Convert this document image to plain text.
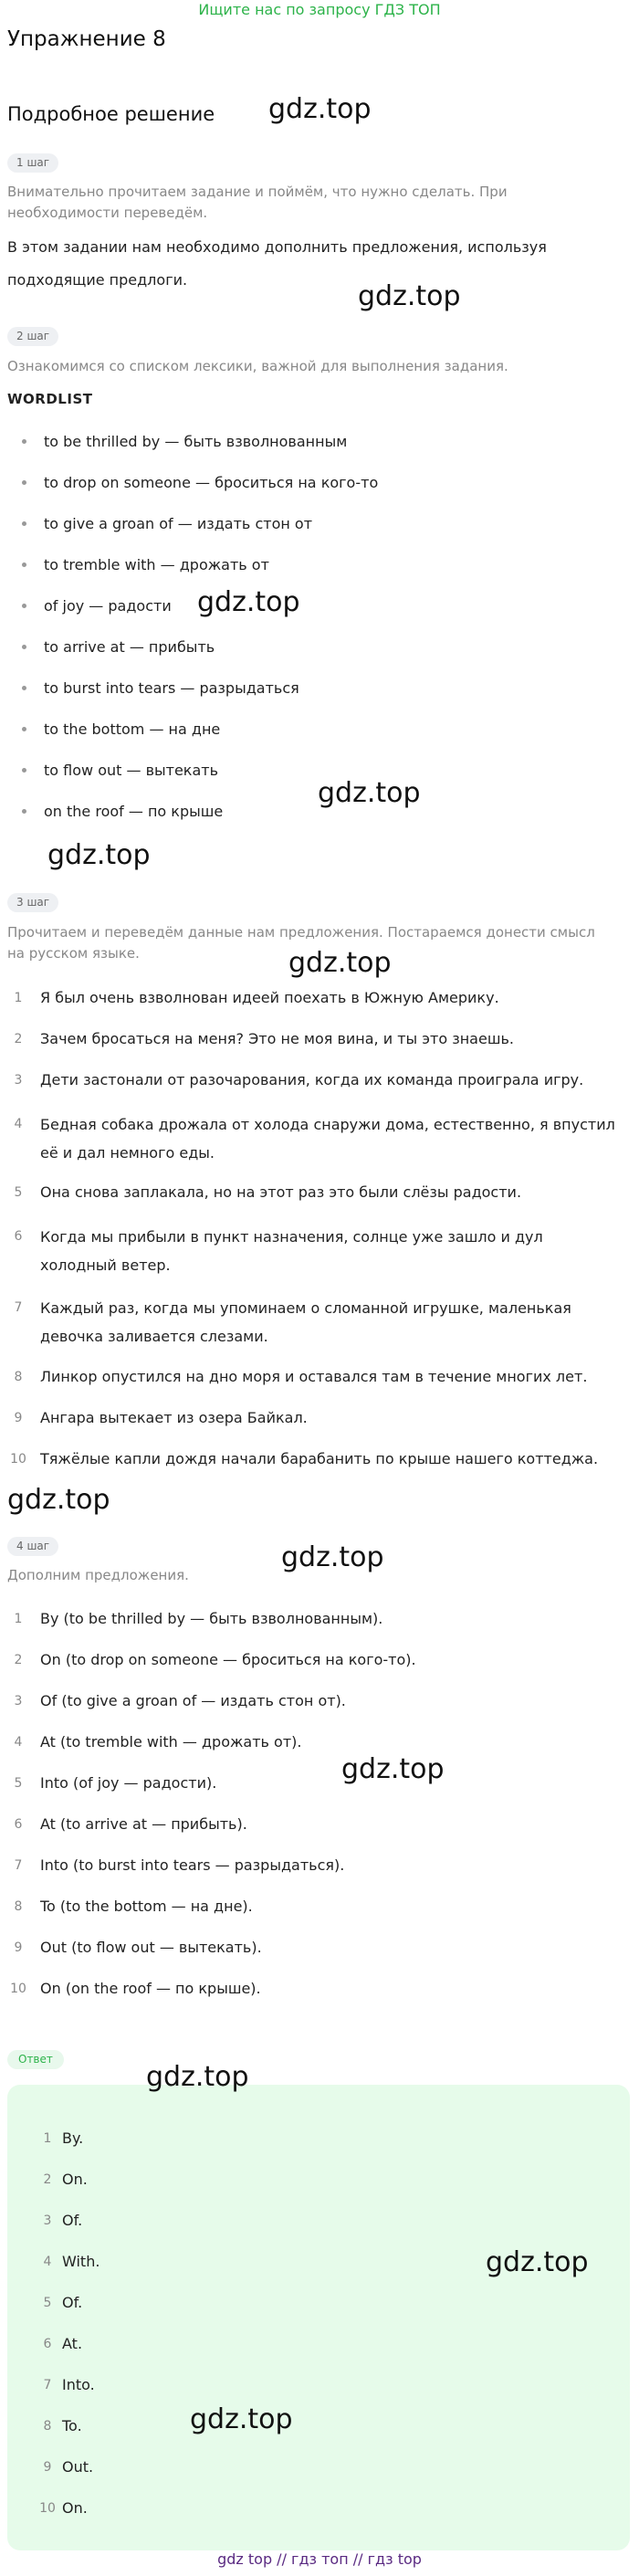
Ищите нас по запросу ГДЗ ТОП
Упражнение 8
Подробное решение
1 шаг
Внимательно прочитаем задание и поймём, что нужно сделать. При необходимости переведём.
В этом задании нам необходимо дополнить предложения, используя подходящие предлоги.
2 шаг
Ознакомимся со списком лексики, важной для выполнения задания.
WORDLIST
to be thrilled by — быть взволнованным
to drop on someone — броситься на кого-то
to give a groan of — издать стон от
to tremble with — дрожать от
of joy — радости
to arrive at — прибыть
to burst into tears — разрыдаться
to the bottom — на дне
to flow out — вытекать
on the roof — по крыше
3 шаг
Прочитаем и переведём данные нам предложения. Постараемся донести смысл на русском языке.
1	Я был очень взволнован идеей поехать в Южную Америку.
2	Зачем бросаться на меня? Это не моя вина, и ты это знаешь.
3	Дети застонали от разочарования, когда их команда проиграла игру.
4	Бедная собака дрожала от холода снаружи дома, естественно, я впустил её и дал немного еды.
5	Она снова заплакала, но на этот раз это были слёзы радости.
6	Когда мы прибыли в пункт назначения, солнце уже зашло и дул холодный ветер.
7	Каждый раз, когда мы упоминаем о сломанной игрушке, маленькая девочка заливается слезами.
8	Линкор опустился на дно моря и оставался там в течение многих лет.
9	Ангара вытекает из озера Байкал.
10 Тяжёлые капли дождя начали барабанить по крыше нашего коттеджа.
4 шаг
Дополним предложения.
1	By (to be thrilled by — быть взволнованным).
2	On (to drop on someone — броситься на кого-то).
3	Of (to give a groan of — издать стон от).
4	At (to tremble with — дрожать от).
5	Into (of joy — радости).
6	At (to arrive at — прибыть).
7	Into (to burst into tears — разрыдаться).
8	To (to the bottom — на дне).
9	Out (to flow out — вытекать).
10 On (on the roof — по крыше).
Ответ
1 By.
2 On.
3 Of.
4 With.
5 Of.
6 At.
7 Into.
8 To.
9 Out.
10 On.
gdz.top
gdz.top
gdz.top
gdz.top
gdz.top
gdz.top
gdz.top
gdz.top
gdz.top
gdz.top
gdz.top
gdz.top
gdz top // гдз топ // гдз top
